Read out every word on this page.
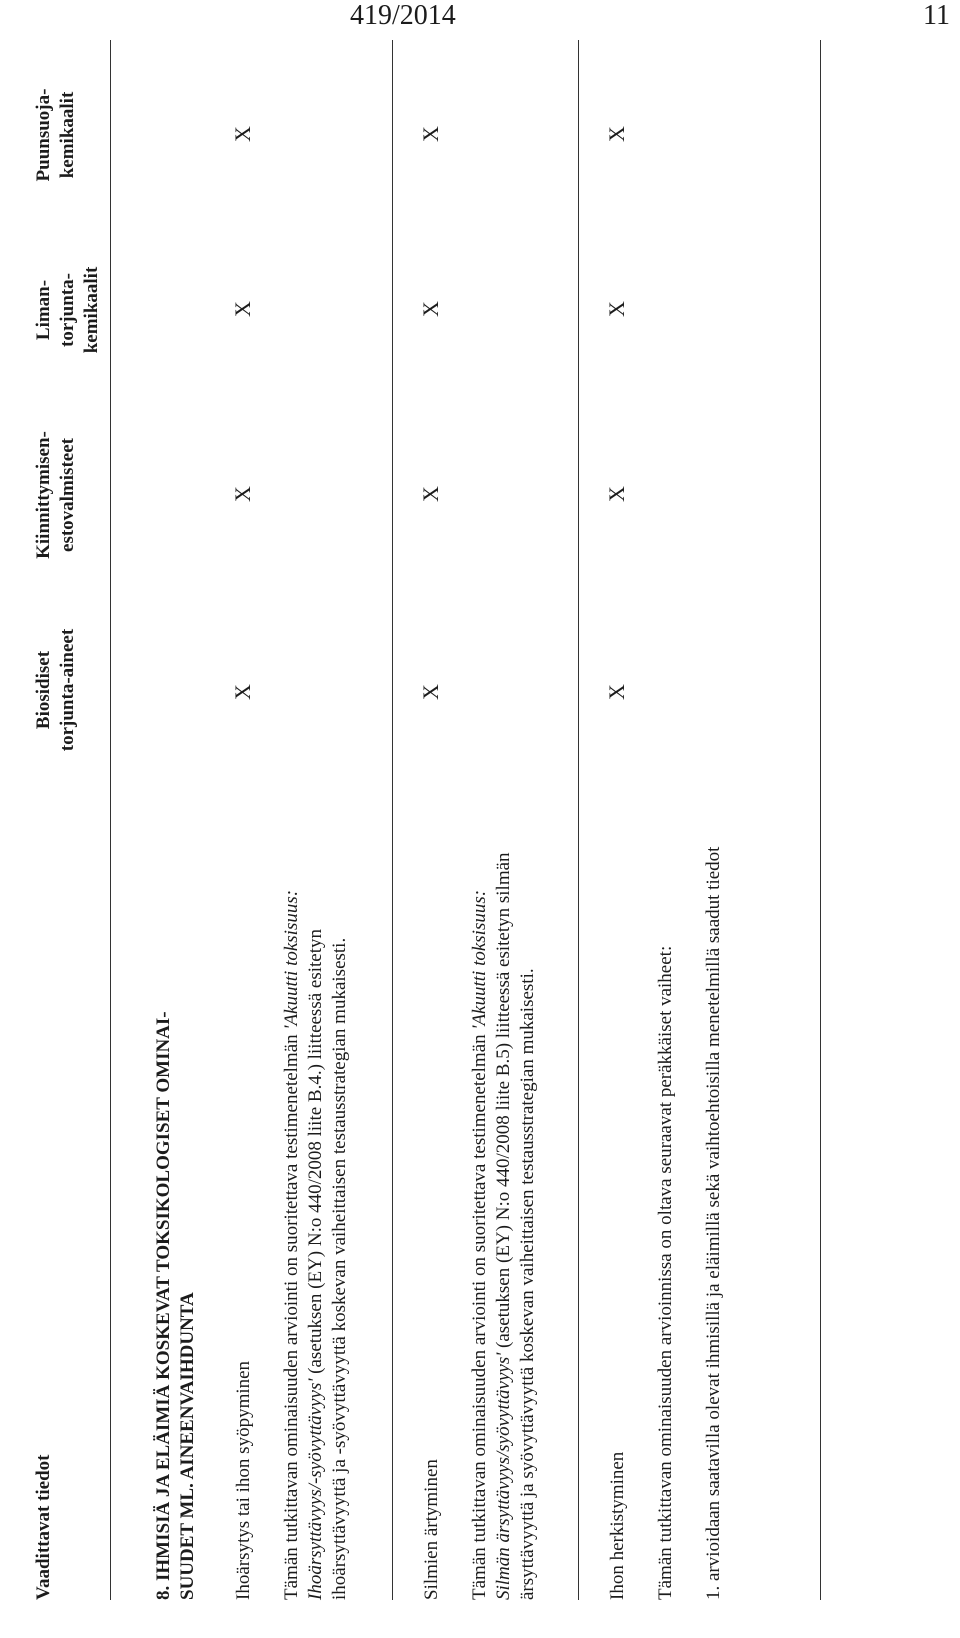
419/2014	11
Vaadittavat tiedot
Biosidiset torjunta-aineet
Kiinnittymisen- estovalmisteet
Liman- torjunta- kemikaalit
Puunsuoja- kemikaalit
8. IHMISIÄ JA ELÄIMIÄ KOSKEVAT TOKSIKOLOGISET OMINAI- SUUDET ML. AINEENVAIHDUNTA Ihoärsytys tai ihon syöpyminen Tämän tutkittavan ominaisuuden arviointi on suoritettava testimenetelmän 'Akuutti toksisuus: Ihoärsyttävyys/-syövyttävyys' (asetuksen (EY) N:o 440/2008 liite B.4.) liitteessä esitetyn ihoärsyttävyyttä ja -syövyttävyyttä koskevan vaiheittaisen testausstrategian mukaisesti.

X
X
X
X

Silmien ärtyminen Tämän tutkittavan ominaisuuden arviointi on suoritettava testimenetelmän 'Akuutti toksisuus: Silmän ärsyttävyys/syövyttävyys' (asetuksen (EY) N:o 440/2008 liite B.5) liitteessä esitetyn silmän ärsyttävyyttä ja syövyttävyyttä koskevan vaiheittaisen testausstrategian mukaisesti.

X
X
X
X

Ihon herkistyminen Tämän tutkittavan ominaisuuden arvioinnissa on oltava seuraavat peräkkäiset vaiheet: 1. arvioidaan saatavilla olevat ihmisillä ja eläimillä sekä vaihtoehtoisilla menetelmillä saadut tiedot

X
X
X
X
